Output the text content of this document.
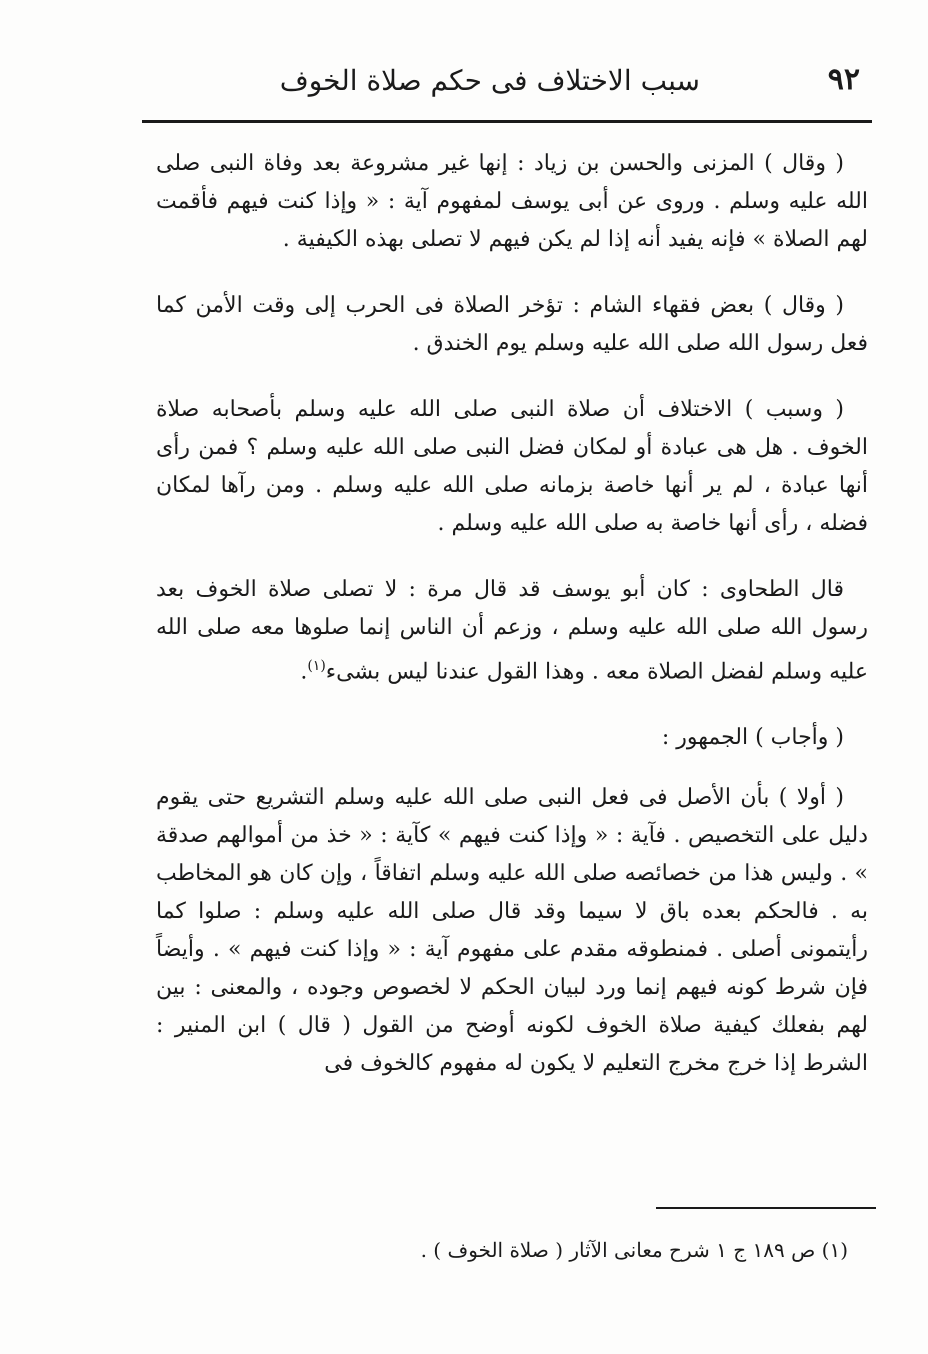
٩٢
سبب الاختلاف فى حكم صلاة الخوف

( وقال ) المزنى والحسن بن زياد : إنها غير مشروعة بعد وفاة النبى صلى الله عليه وسلم . وروى عن أبى يوسف لمفهوم آية : « وإذا كنت فيهم فأقمت لهم الصلاة » فإنه يفيد أنه إذا لم يكن فيهم لا تصلى بهذه الكيفية .

( وقال ) بعض فقهاء الشام : تؤخر الصلاة فى الحرب إلى وقت الأمن كما فعل رسول الله صلى الله عليه وسلم يوم الخندق .

( وسبب ) الاختلاف أن صلاة النبى صلى الله عليه وسلم بأصحابه صلاة الخوف . هل هى عبادة أو لمكان فضل النبى صلى الله عليه وسلم ؟ فمن رأى أنها عبادة ، لم ير أنها خاصة بزمانه صلى الله عليه وسلم . ومن رآها لمكان فضله ، رأى أنها خاصة به صلى الله عليه وسلم .

قال الطحاوى : كان أبو يوسف قد قال مرة : لا تصلى صلاة الخوف بعد رسول الله صلى الله عليه وسلم ، وزعم أن الناس إنما صلوها معه صلى الله عليه وسلم لفضل الصلاة معه . وهذا القول عندنا ليس بشىء$^{(١)}$.

( وأجاب ) الجمهور :

( أولا ) بأن الأصل فى فعل النبى صلى الله عليه وسلم التشريع حتى يقوم دليل على التخصيص . فآية : « وإذا كنت فيهم » كآية : « خذ من أموالهم صدقة » . وليس هذا من خصائصه صلى الله عليه وسلم اتفاقاً ، وإن كان هو المخاطب به . فالحكم بعده باق لا سيما وقد قال صلى الله عليه وسلم : صلوا كما رأيتمونى أصلى . فمنطوقه مقدم على مفهوم آية : « وإذا كنت فيهم » . وأيضاً فإن شرط كونه فيهم إنما ورد لبيان الحكم لا لخصوص وجوده ، والمعنى : بين لهم بفعلك كيفية صلاة الخوف لكونه أوضح من القول ( قال ) ابن المنير : الشرط إذا خرج مخرج التعليم لا يكون له مفهوم كالخوف فى

(١) ص ١٨٩ ج ١ شرح معانى الآثار ( صلاة الخوف ) .
